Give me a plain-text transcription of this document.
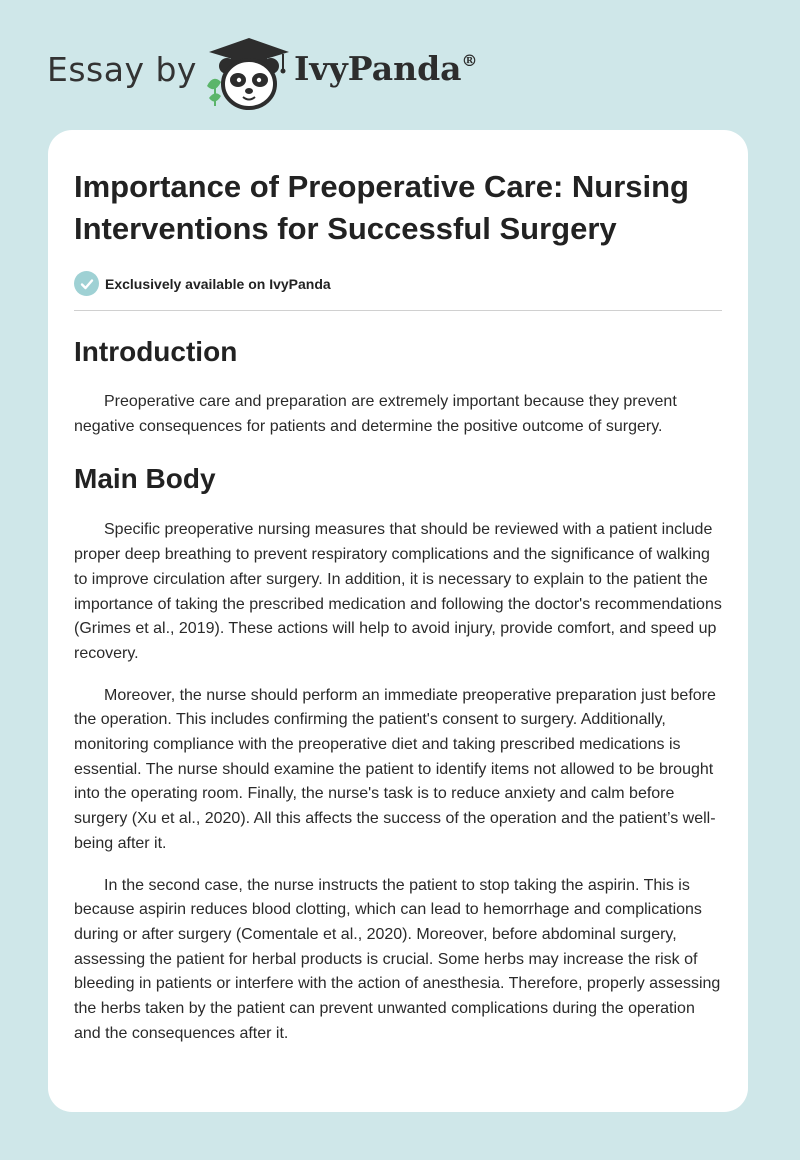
Essay by	IvyPanda®
Importance of Preoperative Care: Nursing Interventions for Successful Surgery
Exclusively available on IvyPanda
Introduction

Preoperative care and preparation are extremely important because they prevent negative consequences for patients and determine the positive outcome of surgery.

Main Body

Specific preoperative nursing measures that should be reviewed with a patient include proper deep breathing to prevent respiratory complications and the significance of walking to improve circulation after surgery. In addition, it is necessary to explain to the patient the importance of taking the prescribed medication and following the doctor's recommendations (Grimes et al., 2019). These actions will help to avoid injury, provide comfort, and speed up recovery.

Moreover, the nurse should perform an immediate preoperative preparation just before the operation. This includes confirming the patient's consent to surgery. Additionally, monitoring compliance with the preoperative diet and taking prescribed medications is essential. The nurse should examine the patient to identify items not allowed to be brought into the operating room. Finally, the nurse's task is to reduce anxiety and calm before surgery (Xu et al., 2020). All this affects the success of the operation and the patient’s well-being after it.

In the second case, the nurse instructs the patient to stop taking the aspirin. This is because aspirin reduces blood clotting, which can lead to hemorrhage and complications during or after surgery (Comentale et al., 2020). Moreover, before abdominal surgery, assessing the patient for herbal products is crucial. Some herbs may increase the risk of bleeding in patients or interfere with the action of anesthesia. Therefore, properly assessing the herbs taken by the patient can prevent unwanted complications during the operation and the consequences after it.
